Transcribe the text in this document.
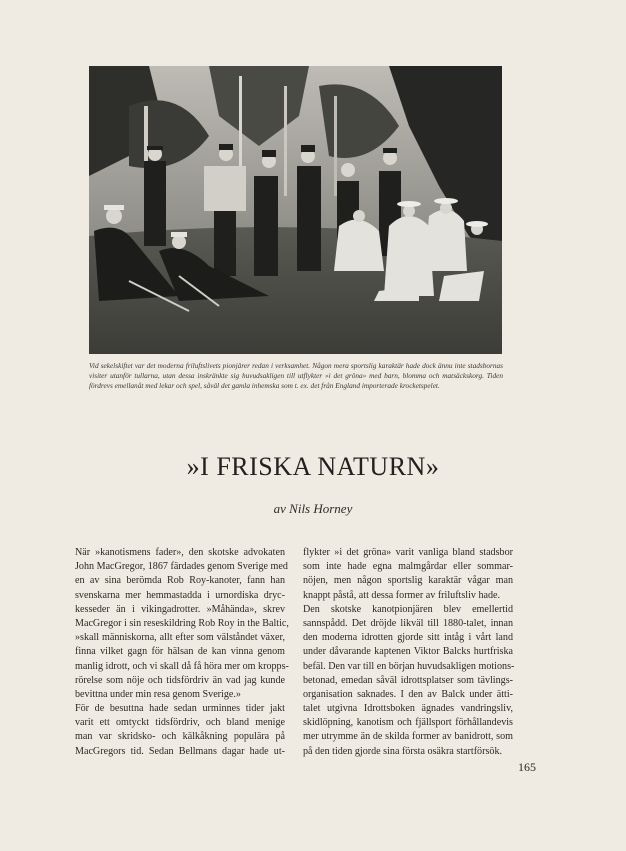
Vid sekelskiftet var det moderna friluftslivets pionjärer redan i verksamhet. Någon mera sportslig karaktär hade dock ännu inte stadsbornas visiter utanför tullarna, utan dessa inskränkte sig huvudsakligen till utflykter »i det gröna» med barn, blomma och matsäckskorg. Tiden fördrevs emellanåt med lekar och spel, såväl det gamla inhemska som t. ex. det från England importerade krocketspelet.
»I FRISKA NATURN»
av Nils Horney
När »kanotismens fader», den skotske advokaten
John MacGregor, 1867 färdades genom Sverige med
en av sina berömda Rob Roy-kanoter, fann han
svenskarna mer hemmastadda i urnordiska dryc-
kesseder än i vikingadrotter. »Måhända», skrev
MacGregor i sin reseskildring Rob Roy in the Baltic,
»skall människorna, allt efter som välståndet växer,
finna vilket gagn för hälsan de kan vinna genom
manlig idrott, och vi skall då få höra mer om kropps-
rörelse som nöje och tidsfördriv än vad jag kunde
bevittna under min resa genom Sverige.»
För de besuttna hade sedan urminnes tider jakt
varit ett omtyckt tidsfördriv, och bland menige
man var skridsko- och kälkåkning populära på
MacGregors tid. Sedan Bellmans dagar hade ut-
flykter »i det gröna» varit vanliga bland stadsbor
som inte hade egna malmgårdar eller sommar-
nöjen, men någon sportslig karaktär vågar man
knappt påstå, att dessa former av friluftsliv hade.
Den skotske kanotpionjären blev emellertid
sannspådd. Det dröjde likväl till 1880-talet, innan
den moderna idrotten gjorde sitt intåg i vårt land
under dåvarande kaptenen Viktor Balcks hurtfriska
befäl. Den var till en början huvudsakligen motions-
betonad, emedan såväl idrottsplatser som tävlings-
organisation saknades. I den av Balck under ätti-
talet utgivna Idrottsboken ägnades vandringsliv,
skidlöpning, kanotism och fjällsport förhållandevis
mer utrymme än de skilda former av banidrott, som
på den tiden gjorde sina första osäkra startförsök.
165
